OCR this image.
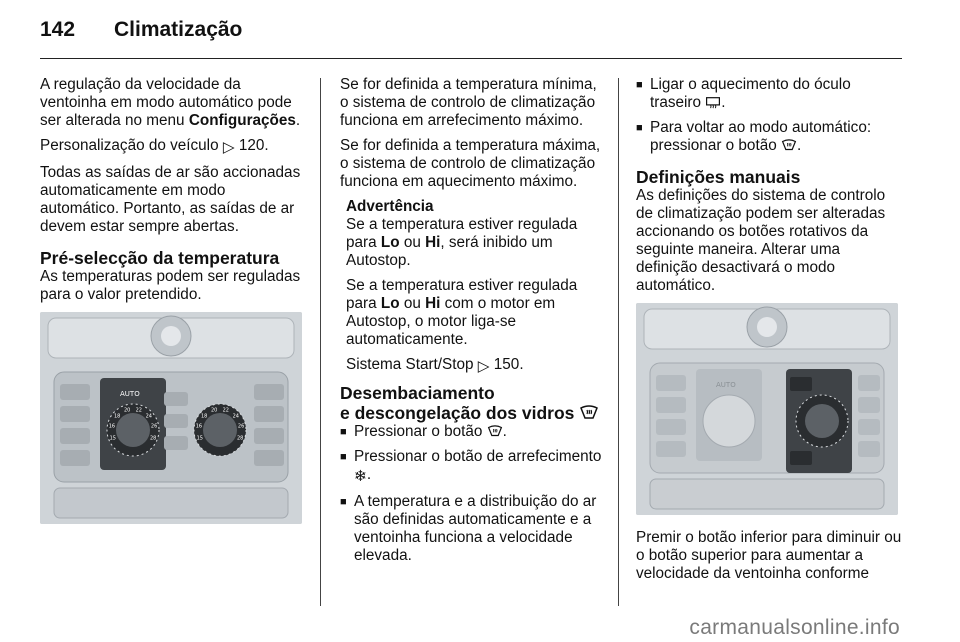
142 Climatização

A regulação da velocidade da ventoinha em modo automático pode ser alterada no menu Configurações.

Personalização do veículo ▷ 120.

Todas as saídas de ar são accionadas automaticamente em modo automático. Portanto, as saídas de ar devem estar sempre abertas.

Pré-selecção da temperatura

As temperaturas podem ser reguladas para o valor pretendido.

AUTO
15
16
18
20 22
24
26
28	15
16
18
20 22
24
26
28

Se for definida a temperatura mínima, o sistema de controlo de climatização funciona em arrefecimento máximo.

Se for definida a temperatura máxima, o sistema de controlo de climatização funciona em aquecimento máximo.

Advertência

Se a temperatura estiver regulada para Lo ou Hi, será inibido um Autostop.

Se a temperatura estiver regulada para Lo ou Hi com o motor em Autostop, o motor liga-se automaticamente.

Sistema Start/Stop ▷ 150.

Desembaciamento
e descongelação dos vidros
■ Pressionar o botão .
■ Pressionar o botão de arrefecimento ❄.
■ A temperatura e a distribuição do ar são definidas automaticamente e a ventoinha funciona a velocidade elevada.
■ Ligar o aquecimento do óculo traseiro .
■ Para voltar ao modo automático: pressionar o botão .
Definições manuais

As definições do sistema de controlo de climatização podem ser alteradas accionando os botões rotativos da seguinte maneira. Alterar uma definição desactivará o modo automático.

AUTO

Premir o botão inferior para diminuir ou o botão superior para aumentar a velocidade da ventoinha conforme

carmanualsonline.info
